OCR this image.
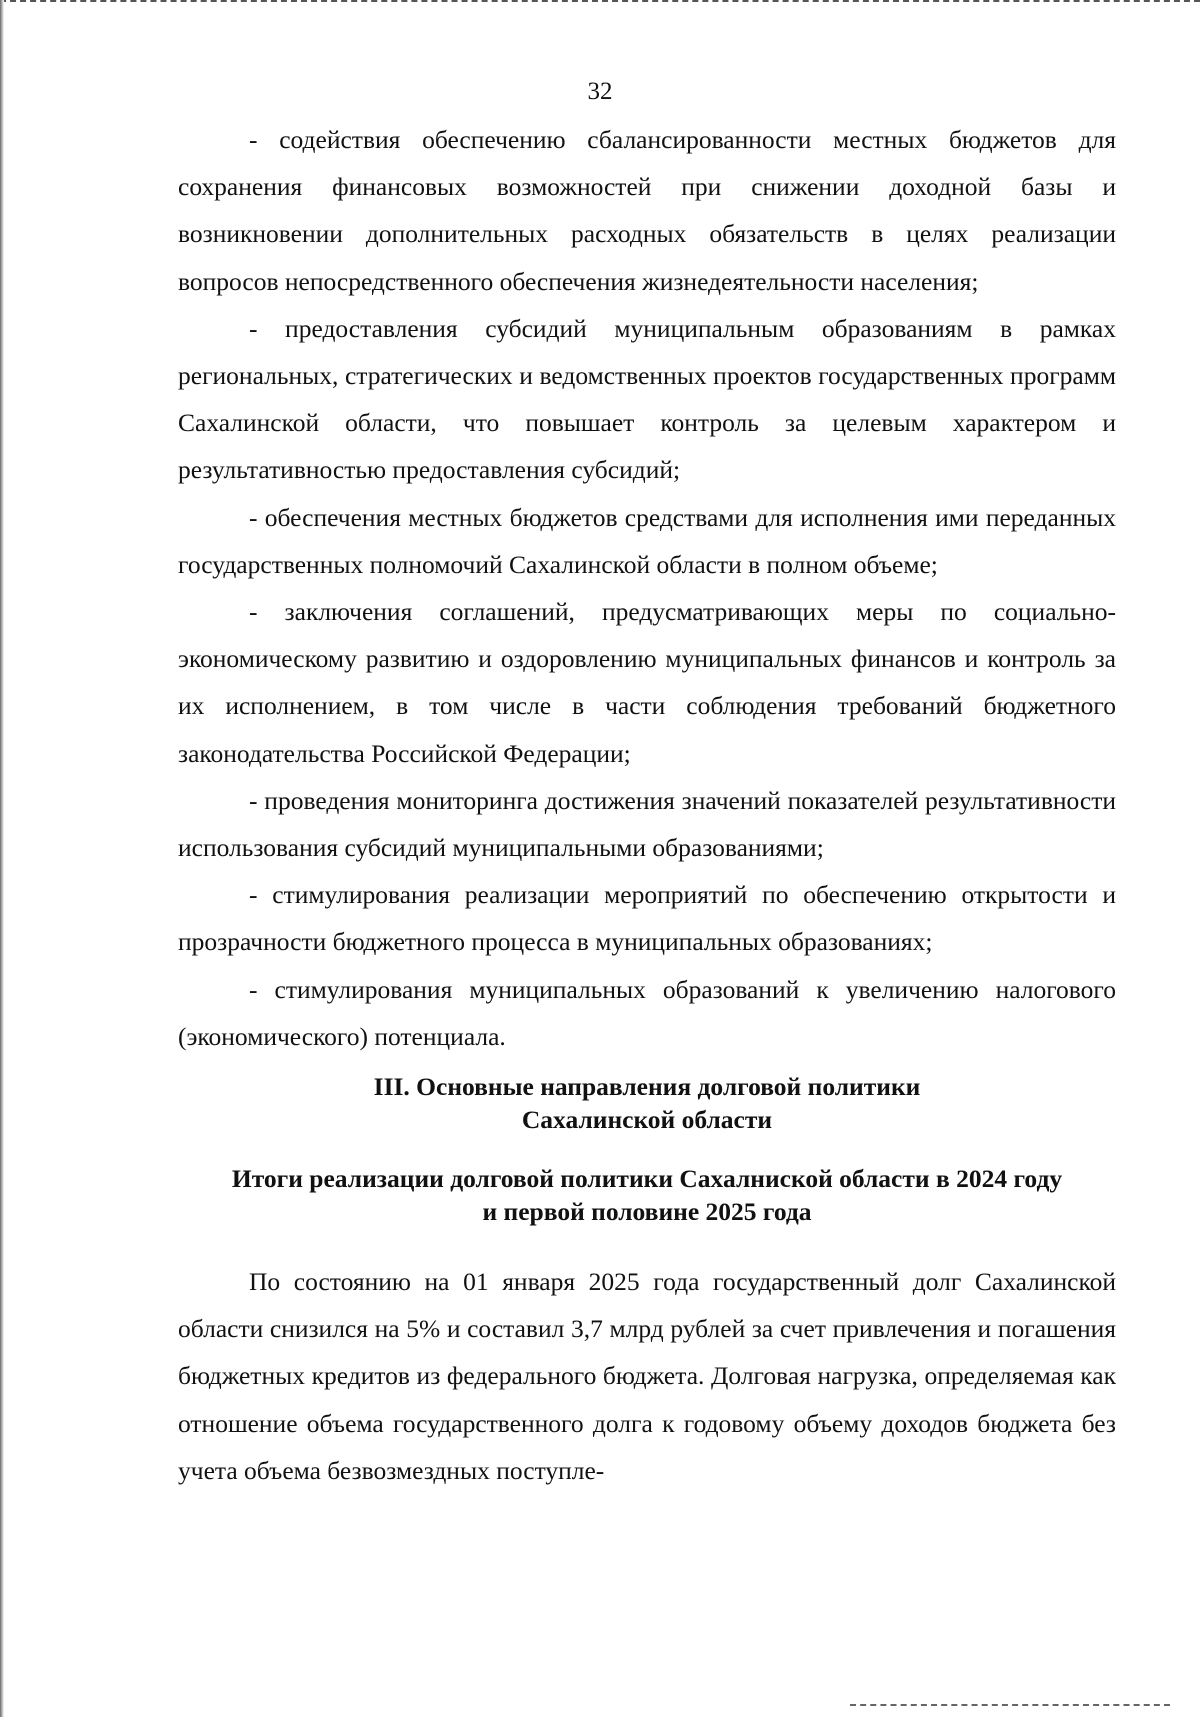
32

- содействия обеспечению сбалансированности местных бюджетов для сохранения финансовых возможностей при снижении доходной базы и возникновении дополнительных расходных обязательств в целях реализации вопросов непосредственного обеспечения жизнедеятельности населения;

- предоставления субсидий муниципальным образованиям в рамках региональных, стратегических и ведомственных проектов государственных программ Сахалинской области, что повышает контроль за целевым характером и результативностью предоставления субсидий;

- обеспечения местных бюджетов средствами для исполнения ими переданных государственных полномочий Сахалинской области в полном объеме;

- заключения соглашений, предусматривающих меры по социально-экономическому развитию и оздоровлению муниципальных финансов и контроль за их исполнением, в том числе в части соблюдения требований бюджетного законодательства Российской Федерации;

- проведения мониторинга достижения значений показателей результативности использования субсидий муниципальными образованиями;

- стимулирования реализации мероприятий по обеспечению открытости и прозрачности бюджетного процесса в муниципальных образованиях;

- стимулирования муниципальных образований к увеличению налогового (экономического) потенциала.

III. Основные направления долговой политики

Сахалинской области

Итоги реализации долговой политики Сахалниской области в 2024 году

и первой половине 2025 года

По состоянию на 01 января 2025 года государственный долг Сахалинской области снизился на 5% и составил 3,7 млрд рублей за счет привлечения и погашения бюджетных кредитов из федерального бюджета. Долговая нагрузка, определяемая как отношение объема государственного долга к годовому объему доходов бюджета без учета объема безвозмездных поступле-
